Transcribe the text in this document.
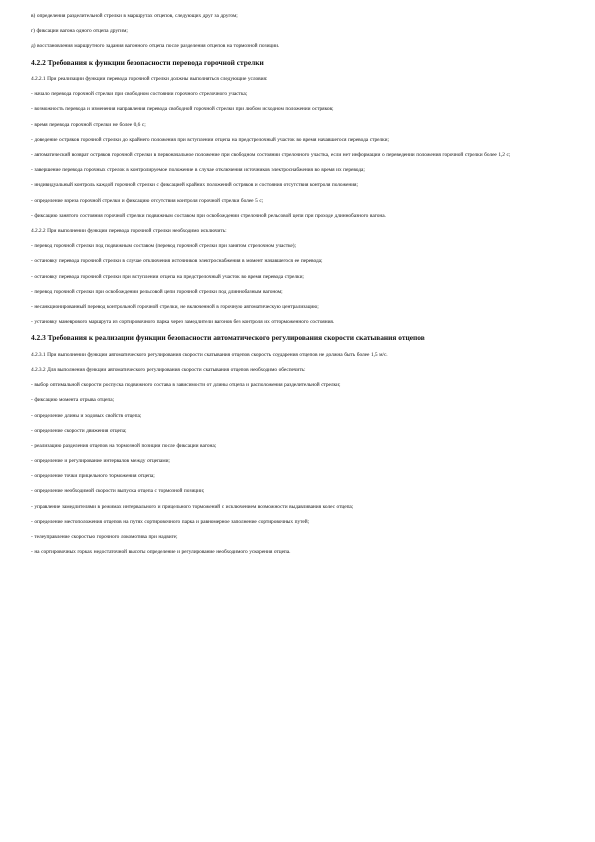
в) определения разделительной стрелки в маршрутах отцепов, следующих друг за другом;
г) фиксации вагона одного отцепа другим;
д) восстановления маршрутного задания вагонного отцепа после разделения отцепов на тормозной позиции.
4.2.2 Требования к функции безопасности перевода горочной стрелки
4.2.2.1 При реализации функции перевода горочной стрелки должны выполняться следующие условия:
- начало перевода горочной стрелки при свободном состоянии горочного стрелочного участка;
- возможность перевода и изменения направления перевода свободной горочной стрелки при любом исходном положении остряков;
- время перевода горочной стрелки не более 0,6 с;
- доведение остряков горочной стрелки до крайнего положения при вступлении отцепа на предстрелочный участок во время начавшегося перевода стрелки;
- автоматический возврат остряков горочной стрелки в первоначальное положение при свободном состоянии стрелочного участка, если нет информации о переведении положения горочной стрелки более 1,2 с;
- завершение перевода горочных стрелок в контролируемое положение в случае отключения источников электроснабжения во время их перевода;
- индивидуальный контроль каждой горочной стрелки с фиксацией крайних положений остряков и состояния отсутствия контроля положения;
- определение взреза горочной стрелки и фиксацию отсутствия контроля горочной стрелки более 5 с;
- фиксацию занятого состояния горочной стрелки подвижным составом при освобождении стрелочной рельсовой цепи при проходе длиннобазного вагона.
4.2.2.2 При выполнении функции перевода горочной стрелки необходимо исключить:
- перевод горочной стрелки под подвижным составом (перевод горочной стрелки при занятом стрелочном участке);
- остановку перевода горочной стрелки в случае отключения источников электроснабжения в момент начавшегося ее перевода;
- остановку перевода горочной стрелки при вступлении отцепа на предстрелочный участок во время перевода стрелки;
- перевод горочной стрелки при освобождении рельсовой цепи горочной стрелки под длиннобазным вагоном;
- несанкционированный перевод контрольной горочной стрелки, не включенной в горочную автоматическую централизацию;
- установку маневрового маршрута из сортировочного парка через замедлители вагонов без контроля их отторможенного состояния.
4.2.3 Требования к реализации функции безопасности автоматического регулирования скорости скатывания отцепов
4.2.3.1 При выполнении функции автоматического регулирования скорости скатывания отцепов скорость соударения отцепов не должна быть более 1,5 м/с.
4.2.3.2 Для выполнения функции автоматического регулирования скорости скатывания отцепов необходимо обеспечить:
- выбор оптимальной скорости роспуска подвижного состава в зависимости от длины отцепа и расположения разделительной стрелки;
- фиксацию момента отрыва отцепа;
- определение длины и ходовых свойств отцепа;
- определение скорости движения отцепа;
- реализацию разделения отцепов на тормозной позиции после фиксации вагона;
- определение и регулирование интервалов между отцепами;
- определение точки прицельного торможения отцепа;
- определение необходимой скорости выпуска отцепа с тормозной позиции;
- управление замедлителями в режимах интервального и прицельного торможений с исключением возможности выдавливания колес отцепа;
- определение местоположения отцепов на путях сортировочного парка и равномерное заполнение сортировочных путей;
- телеуправление скоростью горочного локомотива при надвиге;
- на сортировочных горках недостаточной высоты определение и регулирование необходимого ускорения отцепа.
